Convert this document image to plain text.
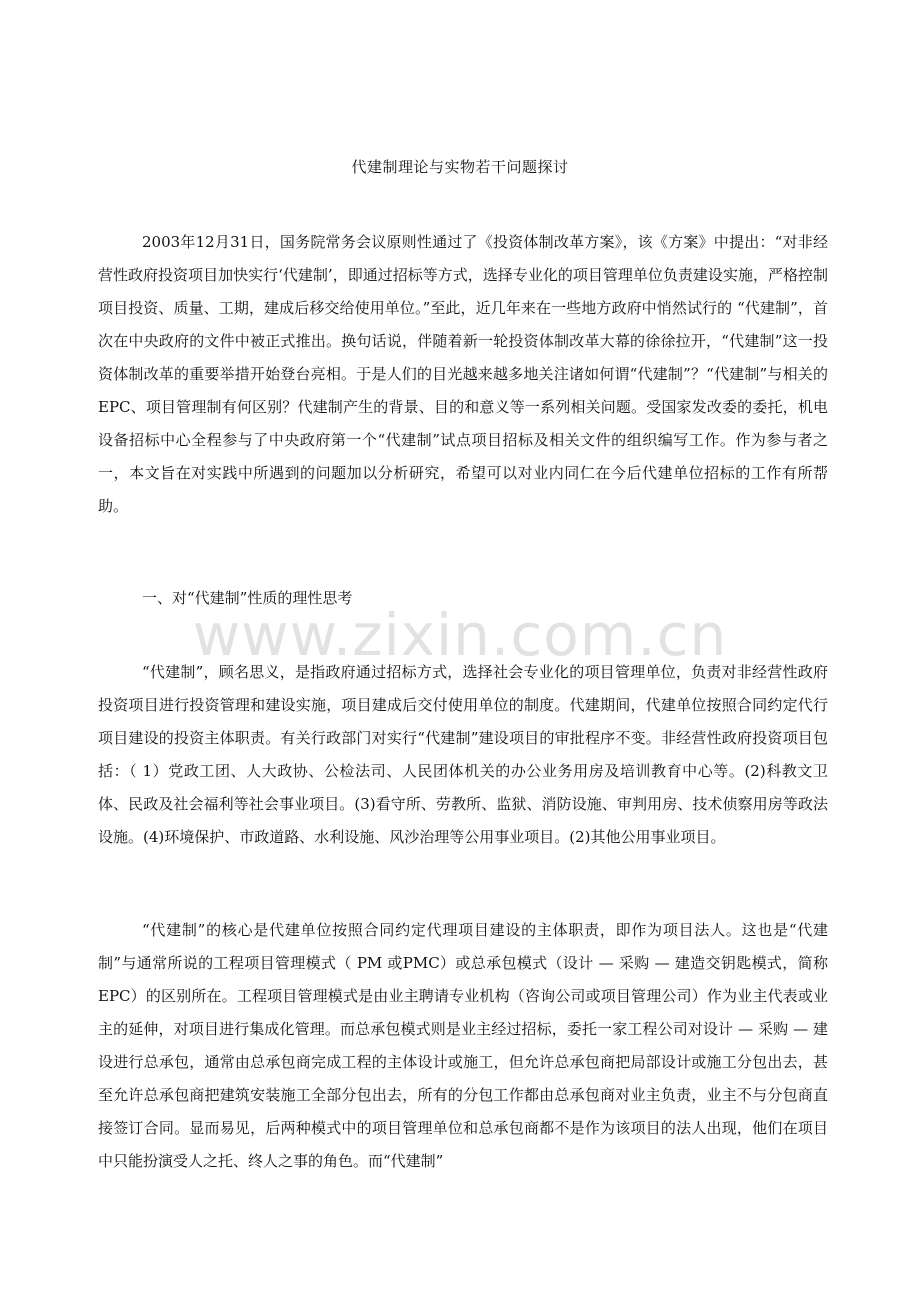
代建制理论与实物若干问题探讨

2003年12月31日，国务院常务会议原则性通过了《投资体制改革方案》，该《方案》中提出：“对非经营性政府投资项目加快实行‘代建制’，即通过招标等方式，选择专业化的项目管理单位负责建设实施，严格控制项目投资、质量、工期，建成后移交给使用单位。”至此，近几年来在一些地方政府中悄然试行的 “代建制”，首次在中央政府的文件中被正式推出。换句话说，伴随着新一轮投资体制改革大幕的徐徐拉开，“代建制”这一投资体制改革的重要举措开始登台亮相。于是人们的目光越来越多地关注诸如何谓“代建制”？“代建制”与相关的EPC、项目管理制有何区别？代建制产生的背景、目的和意义等一系列相关问题。受国家发改委的委托，机电设备招标中心全程参与了中央政府第一个“代建制”试点项目招标及相关文件的组织编写工作。作为参与者之一，本文旨在对实践中所遇到的问题加以分析研究，希望可以对业内同仁在今后代建单位招标的工作有所帮助。

一、对“代建制”性质的理性思考

www.zixin.com.cn

“代建制”，顾名思义，是指政府通过招标方式，选择社会专业化的项目管理单位，负责对非经营性政府投资项目进行投资管理和建设实施，项目建成后交付使用单位的制度。代建期间，代建单位按照合同约定代行项目建设的投资主体职责。有关行政部门对实行“代建制”建设项目的审批程序不变。非经营性政府投资项目包括：（ 1）党政工团、人大政协、公检法司、人民团体机关的办公业务用房及培训教育中心等。(2)科教文卫体、民政及社会福利等社会事业项目。(3)看守所、劳教所、监狱、消防设施、审判用房、技术侦察用房等政法设施。(4)环境保护、市政道路、水利设施、风沙治理等公用事业项目。(2)其他公用事业项目。

“代建制”的核心是代建单位按照合同约定代理项目建设的主体职责，即作为项目法人。这也是“代建制”与通常所说的工程项目管理模式（ PM 或PMC）或总承包模式（设计 — 采购 — 建造交钥匙模式，简称EPC）的区别所在。工程项目管理模式是由业主聘请专业机构（咨询公司或项目管理公司）作为业主代表或业主的延伸，对项目进行集成化管理。而总承包模式则是业主经过招标，委托一家工程公司对设计 — 采购 — 建设进行总承包，通常由总承包商完成工程的主体设计或施工，但允许总承包商把局部设计或施工分包出去，甚至允许总承包商把建筑安装施工全部分包出去，所有的分包工作都由总承包商对业主负责，业主不与分包商直接签订合同。显而易见，后两种模式中的项目管理单位和总承包商都不是作为该项目的法人出现，他们在项目中只能扮演受人之托、终人之事的角色。而“代建制”
